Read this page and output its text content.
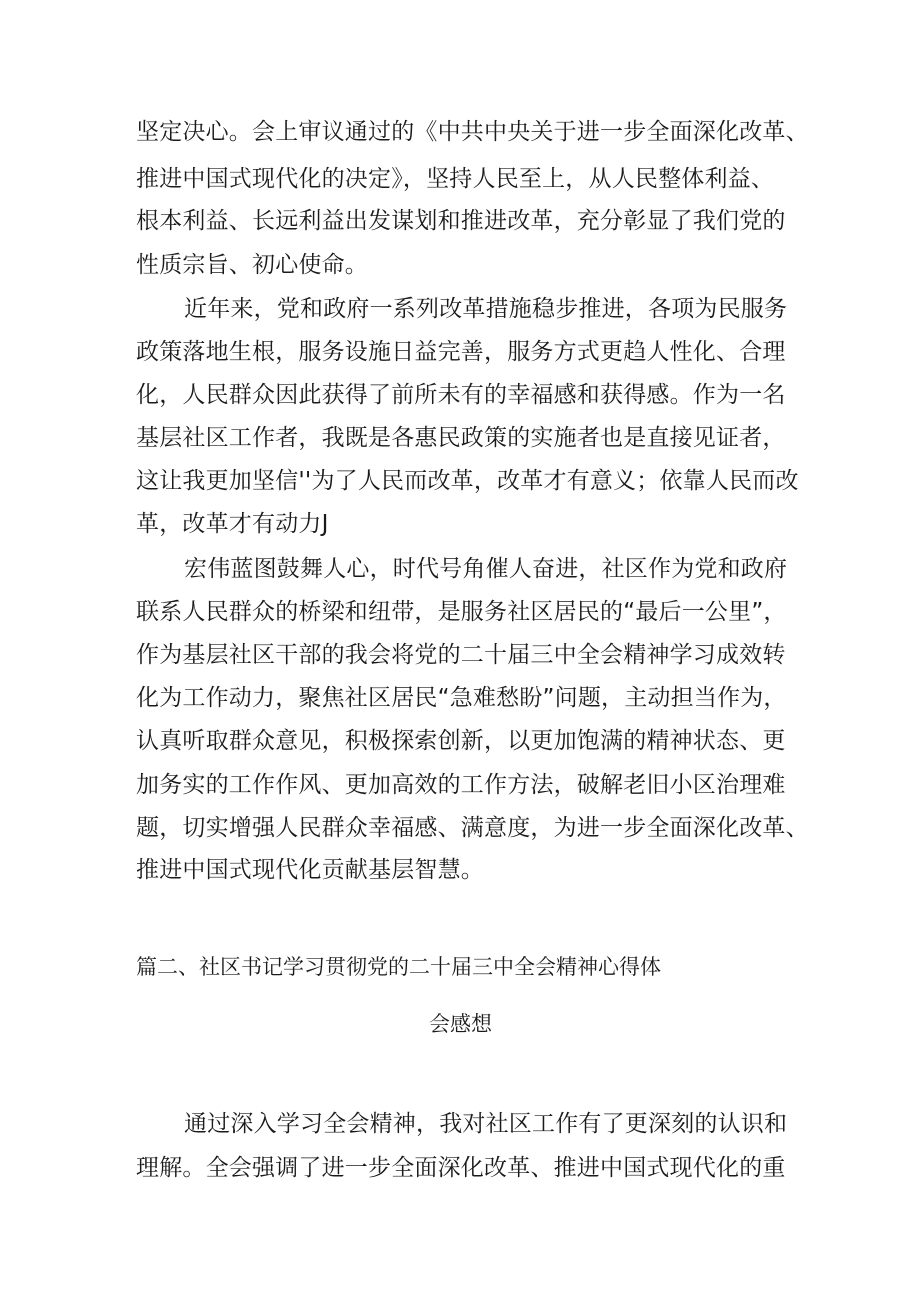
坚定决心。会上审议通过的《中共中央关于进一步全面深化改革、
推进中国式现代化的决定》，坚持人民至上，从人民整体利益、
根本利益、长远利益出发谋划和推进改革，充分彰显了我们党的
性质宗旨、初心使命。
近年来，党和政府一系列改革措施稳步推进，各项为民服务
政策落地生根，服务设施日益完善，服务方式更趋人性化、合理
化，人民群众因此获得了前所未有的幸福感和获得感。作为一名
基层社区工作者，我既是各惠民政策的实施者也是直接见证者，
这让我更加坚信''为了人民而改革，改革才有意义；依靠人民而改
革，改革才有动力J
宏伟蓝图鼓舞人心，时代号角催人奋进，社区作为党和政府
联系人民群众的桥梁和纽带，是服务社区居民的“最后一公里”，
作为基层社区干部的我会将党的二十届三中全会精神学习成效转
化为工作动力，聚焦社区居民“急难愁盼”问题，主动担当作为，
认真听取群众意见，积极探索创新，以更加饱满的精神状态、更
加务实的工作作风、更加高效的工作方法，破解老旧小区治理难
题，切实增强人民群众幸福感、满意度，为进一步全面深化改革、
推进中国式现代化贡献基层智慧。
篇二、社区书记学习贯彻党的二十届三中全会精神心得体
会感想
通过深入学习全会精神，我对社区工作有了更深刻的认识和
理解。全会强调了进一步全面深化改革、推进中国式现代化的重
